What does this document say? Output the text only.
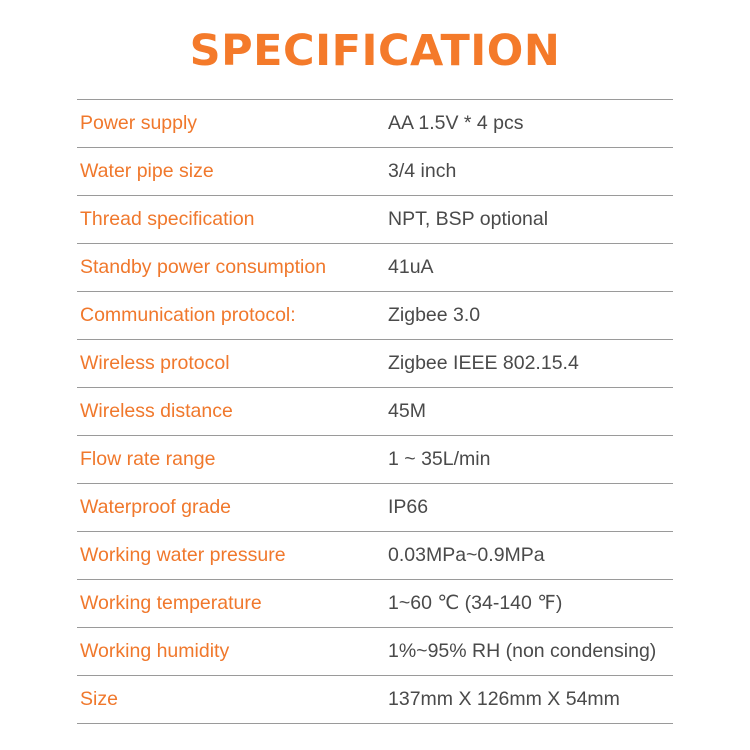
SPECIFICATION
Power supply	AA 1.5V * 4 pcs
Water pipe size	3/4 inch
Thread specification	NPT, BSP optional
Standby power consumption	41uA
Communication protocol:	Zigbee 3.0
Wireless protocol	Zigbee IEEE 802.15.4
Wireless distance	45M
Flow rate range	1 ~ 35L/min
Waterproof grade	IP66
Working water pressure	0.03MPa~0.9MPa
Working temperature	1~60 ℃ (34-140 ℉)
Working humidity	1%~95% RH (non condensing)
Size	137mm X 126mm X 54mm
